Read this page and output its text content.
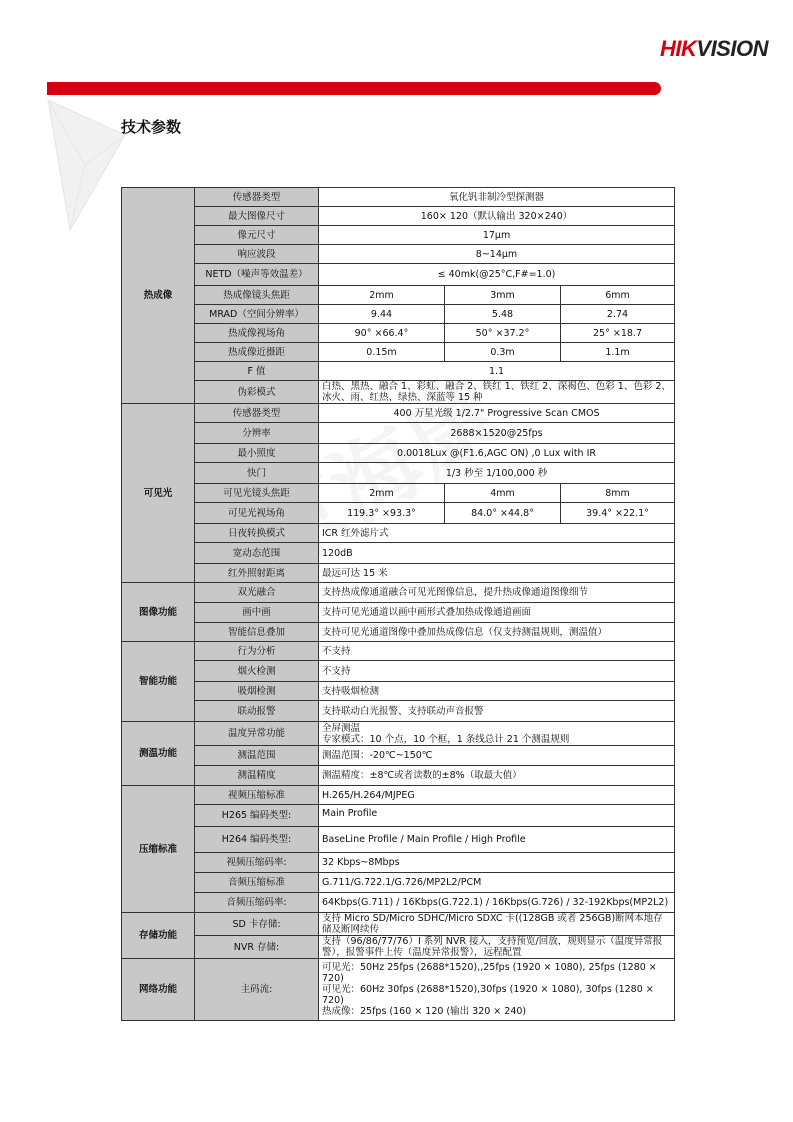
HIKVISION
技术参数
热成像	传感器类型	氧化钒非制冷型探测器		
	最大图像尺寸	160× 120（默认输出 320×240）		
	像元尺寸	17μm		
	响应波段	8~14μm		
	NETD（噪声等效温差）	≤ 40mk(@25°C,F#=1.0)		
	热成像镜头焦距	2mm	3mm	6mm
	MRAD（空间分辨率）	9.44	5.48	2.74
	热成像视场角	90° ×66.4°	50° ×37.2°	25° ×18.7
	热成像近摄距	0.15m	0.3m	1.1m
	F 值	1.1		
	伪彩模式	白热、黑热、融合 1、彩虹、融合 2、铁红 1、铁红 2、深褐色、色彩 1、色彩 2、冰火、雨、红热、绿热、深蓝等 15 种		
可见光	传感器类型	400 万星光级 1/2.7" Progressive Scan CMOS		
	分辨率	2688×1520@25fps		
	最小照度	0.0018Lux @(F1.6,AGC ON) ,0 Lux with IR		
	快门	1/3 秒至 1/100,000 秒		
	可见光镜头焦距	2mm	4mm	8mm
	可见光视场角	119.3° ×93.3°	84.0° ×44.8°	39.4° ×22.1°
	日夜转换模式	ICR 红外滤片式		
	宽动态范围	120dB		
	红外照射距离	最远可达 15 米		
图像功能	双光融合	支持热成像通道融合可见光图像信息，提升热成像通道图像细节		
	画中画	支持可见光通道以画中画形式叠加热成像通道画面		
	智能信息叠加	支持可见光通道图像中叠加热成像信息（仅支持测温规则，测温值）		
智能功能	行为分析	不支持		
	烟火检测	不支持		
	吸烟检测	支持吸烟检测		
	联动报警	支持联动白光报警、支持联动声音报警		
测温功能	温度异常功能	全屏测温
专家模式：10 个点，10 个框，1 条线总计 21 个测温规则		

	测温范围	测温范围：-20℃~150℃		
	测温精度	测温精度：±8℃或者读数的±8%（取最大值）		
压缩标准	视频压缩标准	H.265/H.264/MJPEG		
	H265 编码类型:	Main Profile		
	H264 编码类型:	BaseLine Profile / Main Profile / High Profile		
	视频压缩码率:	32 Kbps~8Mbps		
	音频压缩标准	G.711/G.722.1/G.726/MP2L2/PCM		
	音频压缩码率:	64Kbps(G.711) / 16Kbps(G.722.1) / 16Kbps(G.726) / 32-192Kbps(MP2L2)		
存储功能	SD 卡存储:	支持 Micro SD/Micro SDHC/Micro SDXC 卡((128GB 或者 256GB)断网本地存储及断网续传		
	NVR 存储:	支持（96/86/77/76）I 系列 NVR 接入，支持预览/回放，规则显示（温度异常报警），报警事件上传（温度异常报警），远程配置		
网络功能	主码流:	可见光：50Hz 25fps (2688*1520),,25fps (1920 × 1080), 25fps (1280 × 720)
可见光：60Hz 30fps (2688*1520),30fps (1920 × 1080), 30fps (1280 × 720)
热成像：25fps (160 × 120 (输出 320 × 240)		
